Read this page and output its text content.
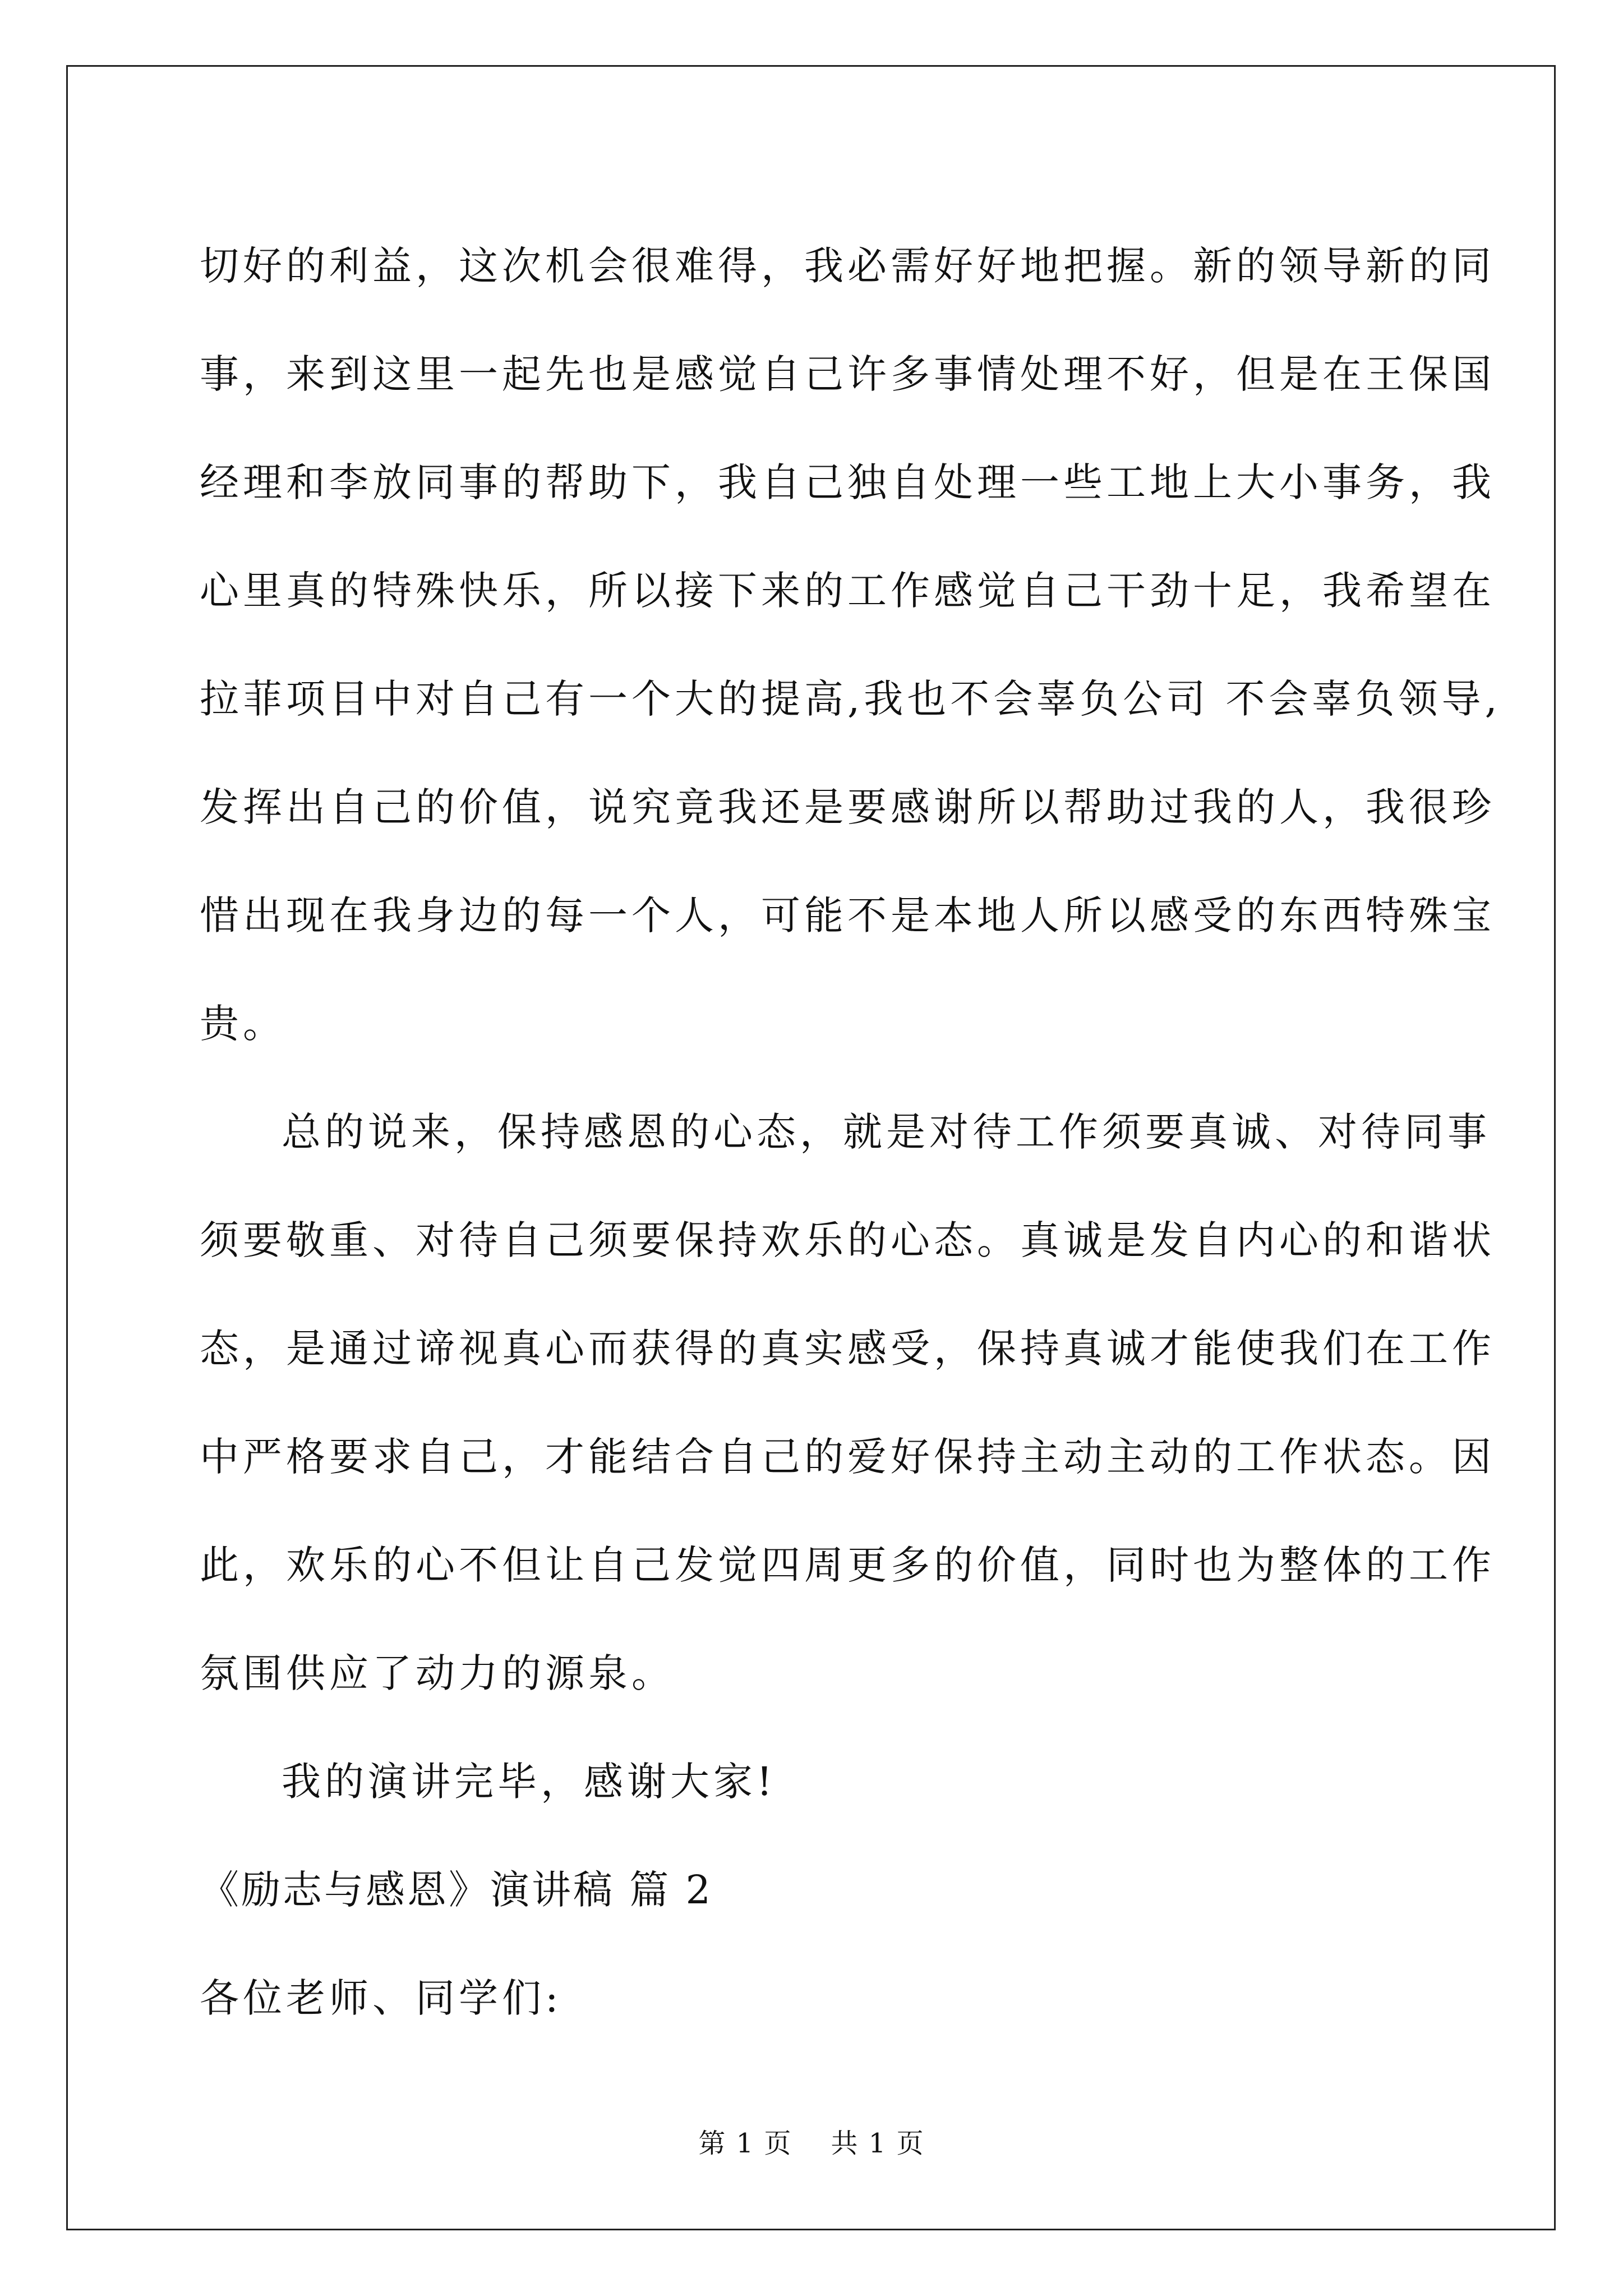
切好的利益，这次机会很难得，我必需好好地把握。新的领导新的同
事，来到这里一起先也是感觉自己许多事情处理不好，但是在王保国
经理和李放同事的帮助下，我自己独自处理一些工地上大小事务，我
心里真的特殊快乐，所以接下来的工作感觉自己干劲十足，我希望在
拉菲项目中对自己有一个大的提高,我也不会辜负公司 不会辜负领导,
发挥出自己的价值，说究竟我还是要感谢所以帮助过我的人，我很珍
惜出现在我身边的每一个人，可能不是本地人所以感受的东西特殊宝
贵。
总的说来，保持感恩的心态，就是对待工作须要真诚、对待同事
须要敬重、对待自己须要保持欢乐的心态。真诚是发自内心的和谐状
态，是通过谛视真心而获得的真实感受，保持真诚才能使我们在工作
中严格要求自己，才能结合自己的爱好保持主动主动的工作状态。因
此，欢乐的心不但让自己发觉四周更多的价值，同时也为整体的工作
氛围供应了动力的源泉。
我的演讲完毕，感谢大家!
《励志与感恩》演讲稿 篇 2
各位老师、同学们:
第 1 页    共 1 页
